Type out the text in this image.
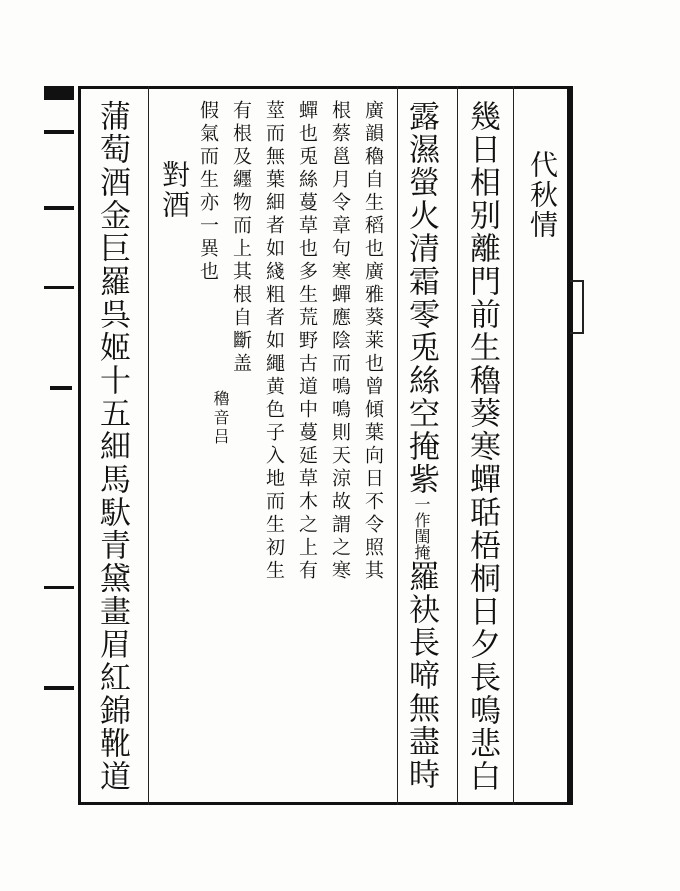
代秋情
幾日相别離門前生穭葵寒蟬聒梧桐日夕長鳴悲白
露濕螢火清霜零兎絲空掩紫一作閨掩羅袂長啼無盡時
廣韻穭自生稻也廣雅葵莱也曾傾葉向日不令照其
根蔡邕月令章句寒蟬應陰而鳴鳴則天涼故謂之寒
蟬也兎絲蔓草也多生荒野古道中蔓延草木之上有
莖而無葉細者如綫粗者如繩黄色子入地而生初生
有根及纒物而上其根自斷盖
假氣而生亦一異也
穭音吕
對酒
蒲萄酒金巨羅呉姬十五細馬馱青黛畫眉紅錦靴道
